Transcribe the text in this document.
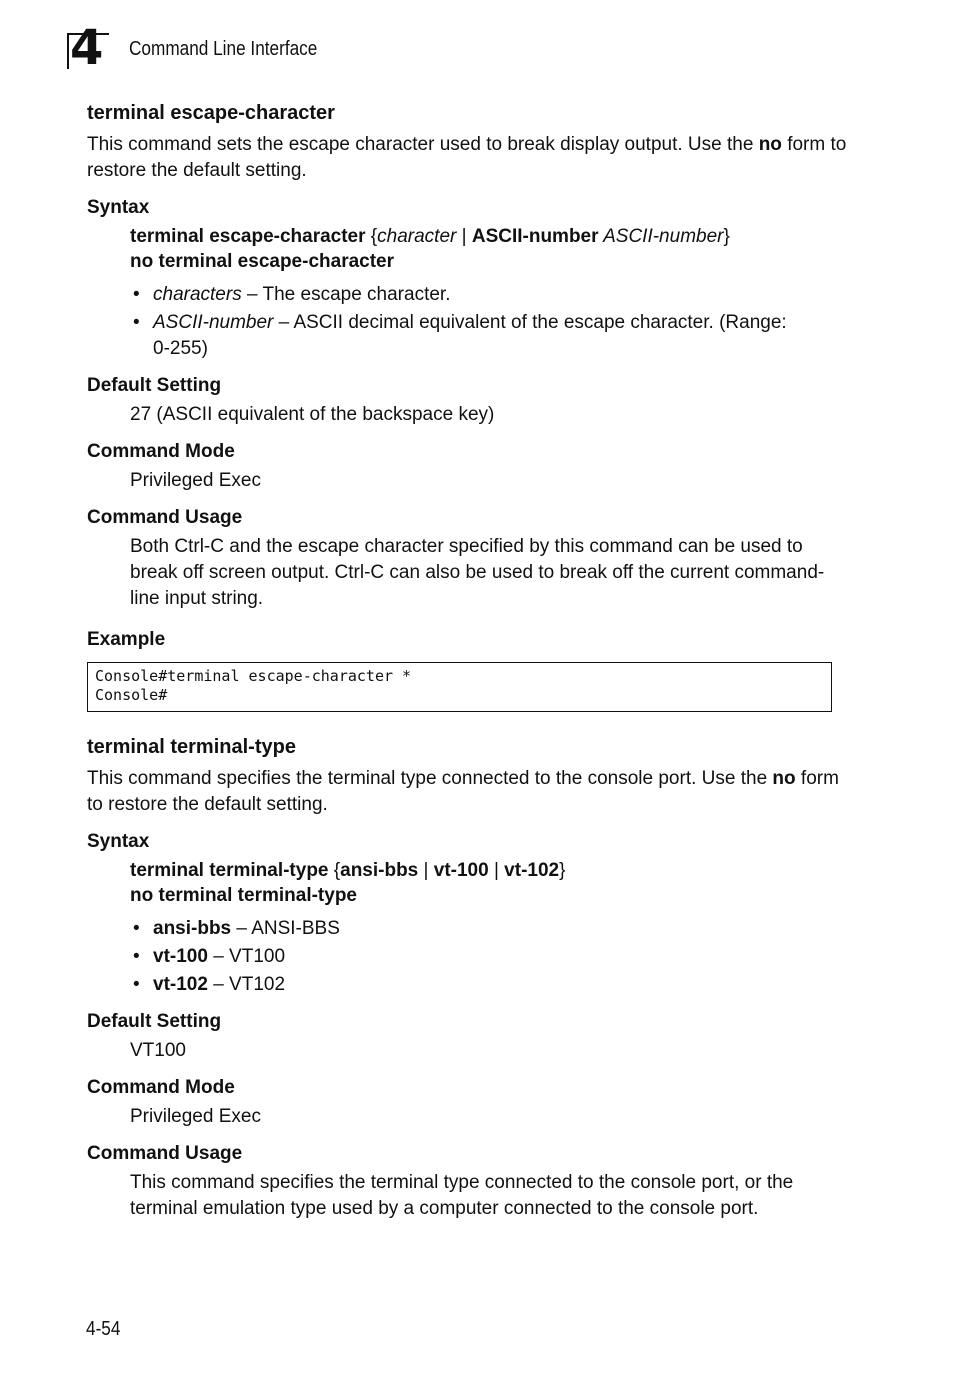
4 Command Line Interface
terminal escape-character

This command sets the escape character used to break display output. Use the no form to restore the default setting.

Syntax
terminal escape-character {character | ASCII-number ASCII-number}
no terminal escape-character
• characters – The escape character.
• ASCII-number – ASCII decimal equivalent of the escape character. (Range: 0-255)
Default Setting
27 (ASCII equivalent of the backspace key)
Command Mode
Privileged Exec
Command Usage
Both Ctrl-C and the escape character specified by this command can be used to break off screen output. Ctrl-C can also be used to break off the current command-line input string.
Example
Console#terminal escape-character *
Console#
terminal terminal-type

This command specifies the terminal type connected to the console port. Use the no form to restore the default setting.

Syntax
terminal terminal-type {ansi-bbs | vt-100 | vt-102}
no terminal terminal-type
• ansi-bbs – ANSI-BBS
• vt-100 – VT100
• vt-102 – VT102
Default Setting
VT100
Command Mode
Privileged Exec
Command Usage
This command specifies the terminal type connected to the console port, or the terminal emulation type used by a computer connected to the console port.
4-54
